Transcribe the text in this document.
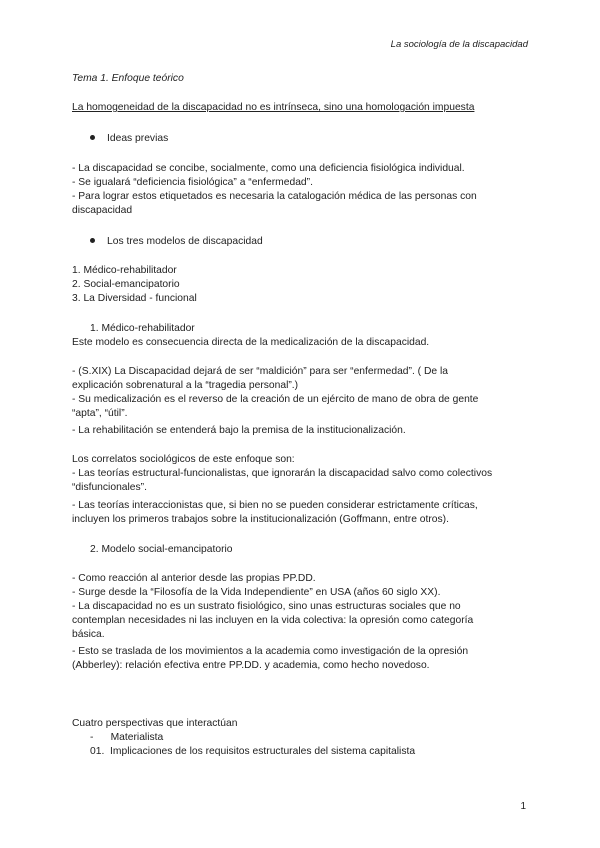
La sociología de la discapacidad
Tema 1. Enfoque teórico
La homogeneidad de la discapacidad no es intrínseca, sino una homologación impuesta
Ideas previas
- La discapacidad se concibe, socialmente, como una deficiencia fisiológica individual.
- Se igualará “deficiencia fisiológica” a “enfermedad”.
- Para lograr estos etiquetados es necesaria la catalogación médica de las personas con
discapacidad
Los tres modelos de discapacidad
1. Médico-rehabilitador
2. Social-emancipatorio
3. La Diversidad - funcional
1. Médico-rehabilitador
Este modelo es consecuencia directa de la medicalización de la discapacidad.
- (S.XIX) La Discapacidad dejará de ser “maldición” para ser “enfermedad”. ( De la
explicación sobrenatural a la “tragedia personal”.)
- Su medicalización es el reverso de la creación de un ejército de mano de obra de gente
“apta”, “útil”.
- La rehabilitación se entenderá bajo la premisa de la institucionalización.
Los correlatos sociológicos de este enfoque son:
- Las teorías estructural-funcionalistas, que ignorarán la discapacidad salvo como colectivos
“disfuncionales”.
- Las teorías interaccionistas que, si bien no se pueden considerar estrictamente críticas,
incluyen los primeros trabajos sobre la institucionalización (Goffmann, entre otros).
2. Modelo social-emancipatorio
- Como reacción al anterior desde las propias PP.DD.
- Surge desde la “Filosofía de la Vida Independiente” en USA (años 60 siglo XX).
- La discapacidad no es un sustrato fisiológico, sino unas estructuras sociales que no
contemplan necesidades ni las incluyen en la vida colectiva: la opresión como categoría
básica.
- Esto se traslada de los movimientos a la academia como investigación de la opresión
(Abberley): relación efectiva entre PP.DD. y academia, como hecho novedoso.
Cuatro perspectivas que interactúan
-      Materialista
01.  Implicaciones de los requisitos estructurales del sistema capitalista
1
